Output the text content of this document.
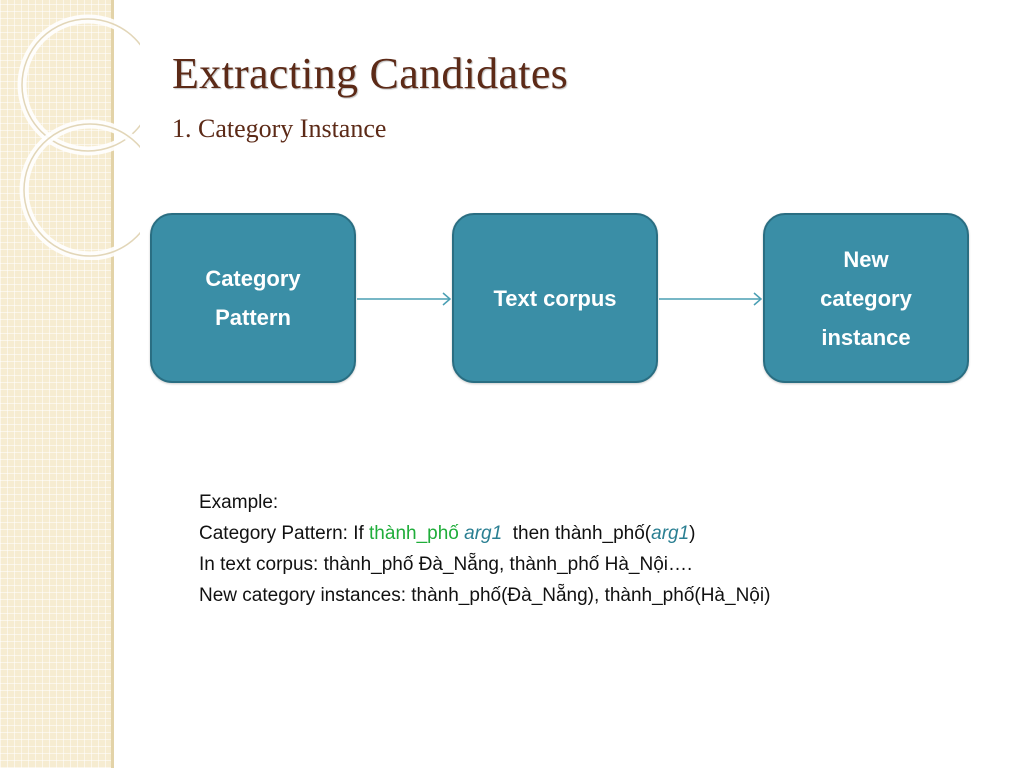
Extracting Candidates
1. Category Instance
Category
Pattern
Text corpus
New
category
instance
Example:
Category Pattern: If thành_phố arg1 then thành_phố(arg1)
In text corpus: thành_phố Đà_Nẵng, thành_phố Hà_Nội….
New category instances: thành_phố(Đà_Nẵng), thành_phố(Hà_Nội)
